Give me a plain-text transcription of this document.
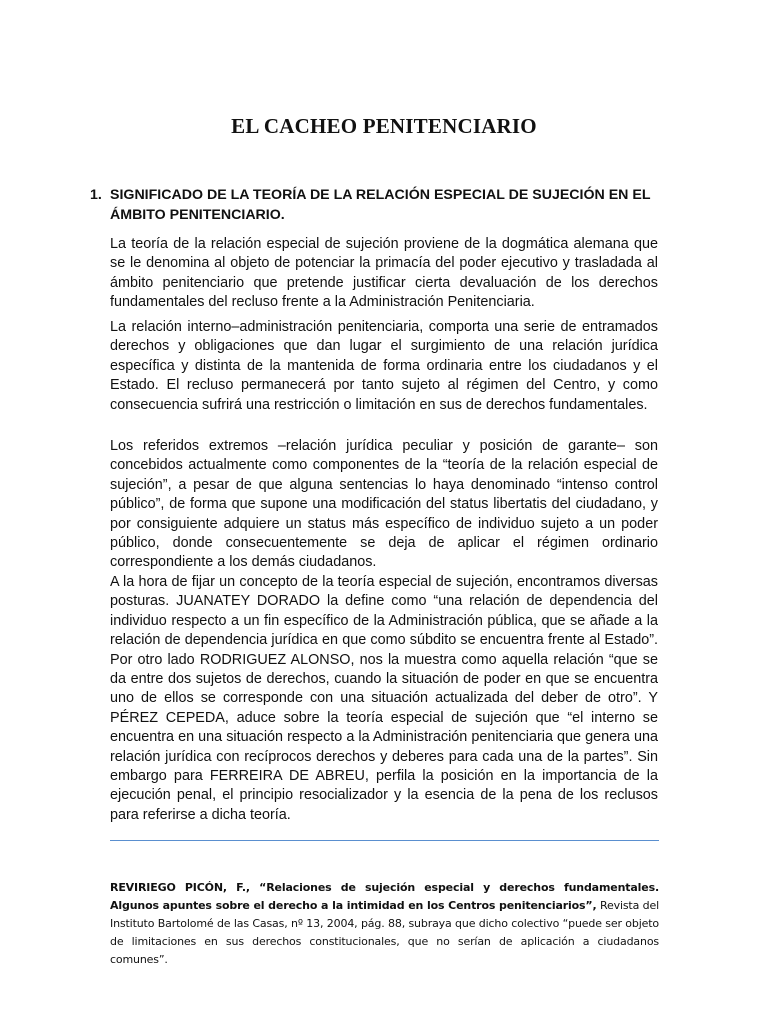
EL CACHEO PENITENCIARIO
1. SIGNIFICADO DE LA TEORÍA DE LA RELACIÓN ESPECIAL DE SUJECIÓN EN EL ÁMBITO PENITENCIARIO.

La teoría de la relación especial de sujeción proviene de la dogmática alemana que se le denomina al objeto de potenciar la primacía del poder ejecutivo y trasladada al ámbito penitenciario que pretende justificar cierta devaluación de los derechos fundamentales del recluso frente a la Administración Penitenciaria.

La relación interno–administración penitenciaria, comporta una serie de entramados derechos y obligaciones que dan lugar el surgimiento de una relación jurídica específica y distinta de la mantenida de forma ordinaria entre los ciudadanos y el Estado. El recluso permanecerá por tanto sujeto al régimen del Centro, y como consecuencia sufrirá una restricción o limitación en sus de derechos fundamentales.

Los referidos extremos –relación jurídica peculiar y posición de garante– son concebidos actualmente como componentes de la “teoría de la relación especial de sujeción”, a pesar de que alguna sentencias lo haya denominado “intenso control público”, de forma que supone una modificación del status libertatis del ciudadano, y por consiguiente adquiere un status más específico de individuo sujeto a un poder público, donde consecuentemente se deja de aplicar el régimen ordinario correspondiente a los demás ciudadanos.

A la hora de fijar un concepto de la teoría especial de sujeción, encontramos diversas posturas. JUANATEY DORADO la define como “una relación de dependencia del individuo respecto a un fin específico de la Administración pública, que se añade a la relación de dependencia jurídica en que como súbdito se encuentra frente al Estado”. Por otro lado RODRIGUEZ ALONSO, nos la muestra como aquella relación “que se da entre dos sujetos de derechos, cuando la situación de poder en que se encuentra uno de ellos se corresponde con una situación actualizada del deber de otro”. Y PÉREZ CEPEDA, aduce sobre la teoría especial de sujeción que “el interno se encuentra en una situación respecto a la Administración penitenciaria que genera una relación jurídica con recíprocos derechos y deberes para cada una de la partes”. Sin embargo para FERREIRA DE ABREU, perfila la posición en la importancia de la ejecución penal, el principio resocializador y la esencia de la pena de los reclusos para referirse a dicha teoría.

REVIRIEGO PICÓN, F., “Relaciones de sujeción especial y derechos fundamentales. Algunos apuntes sobre el derecho a la intimidad en los Centros penitenciarios”, Revista del Instituto Bartolomé de las Casas, nº 13, 2004, pág. 88, subraya que dicho colectivo “puede ser objeto de limitaciones en sus derechos constitucionales, que no serían de aplicación a ciudadanos comunes”.
